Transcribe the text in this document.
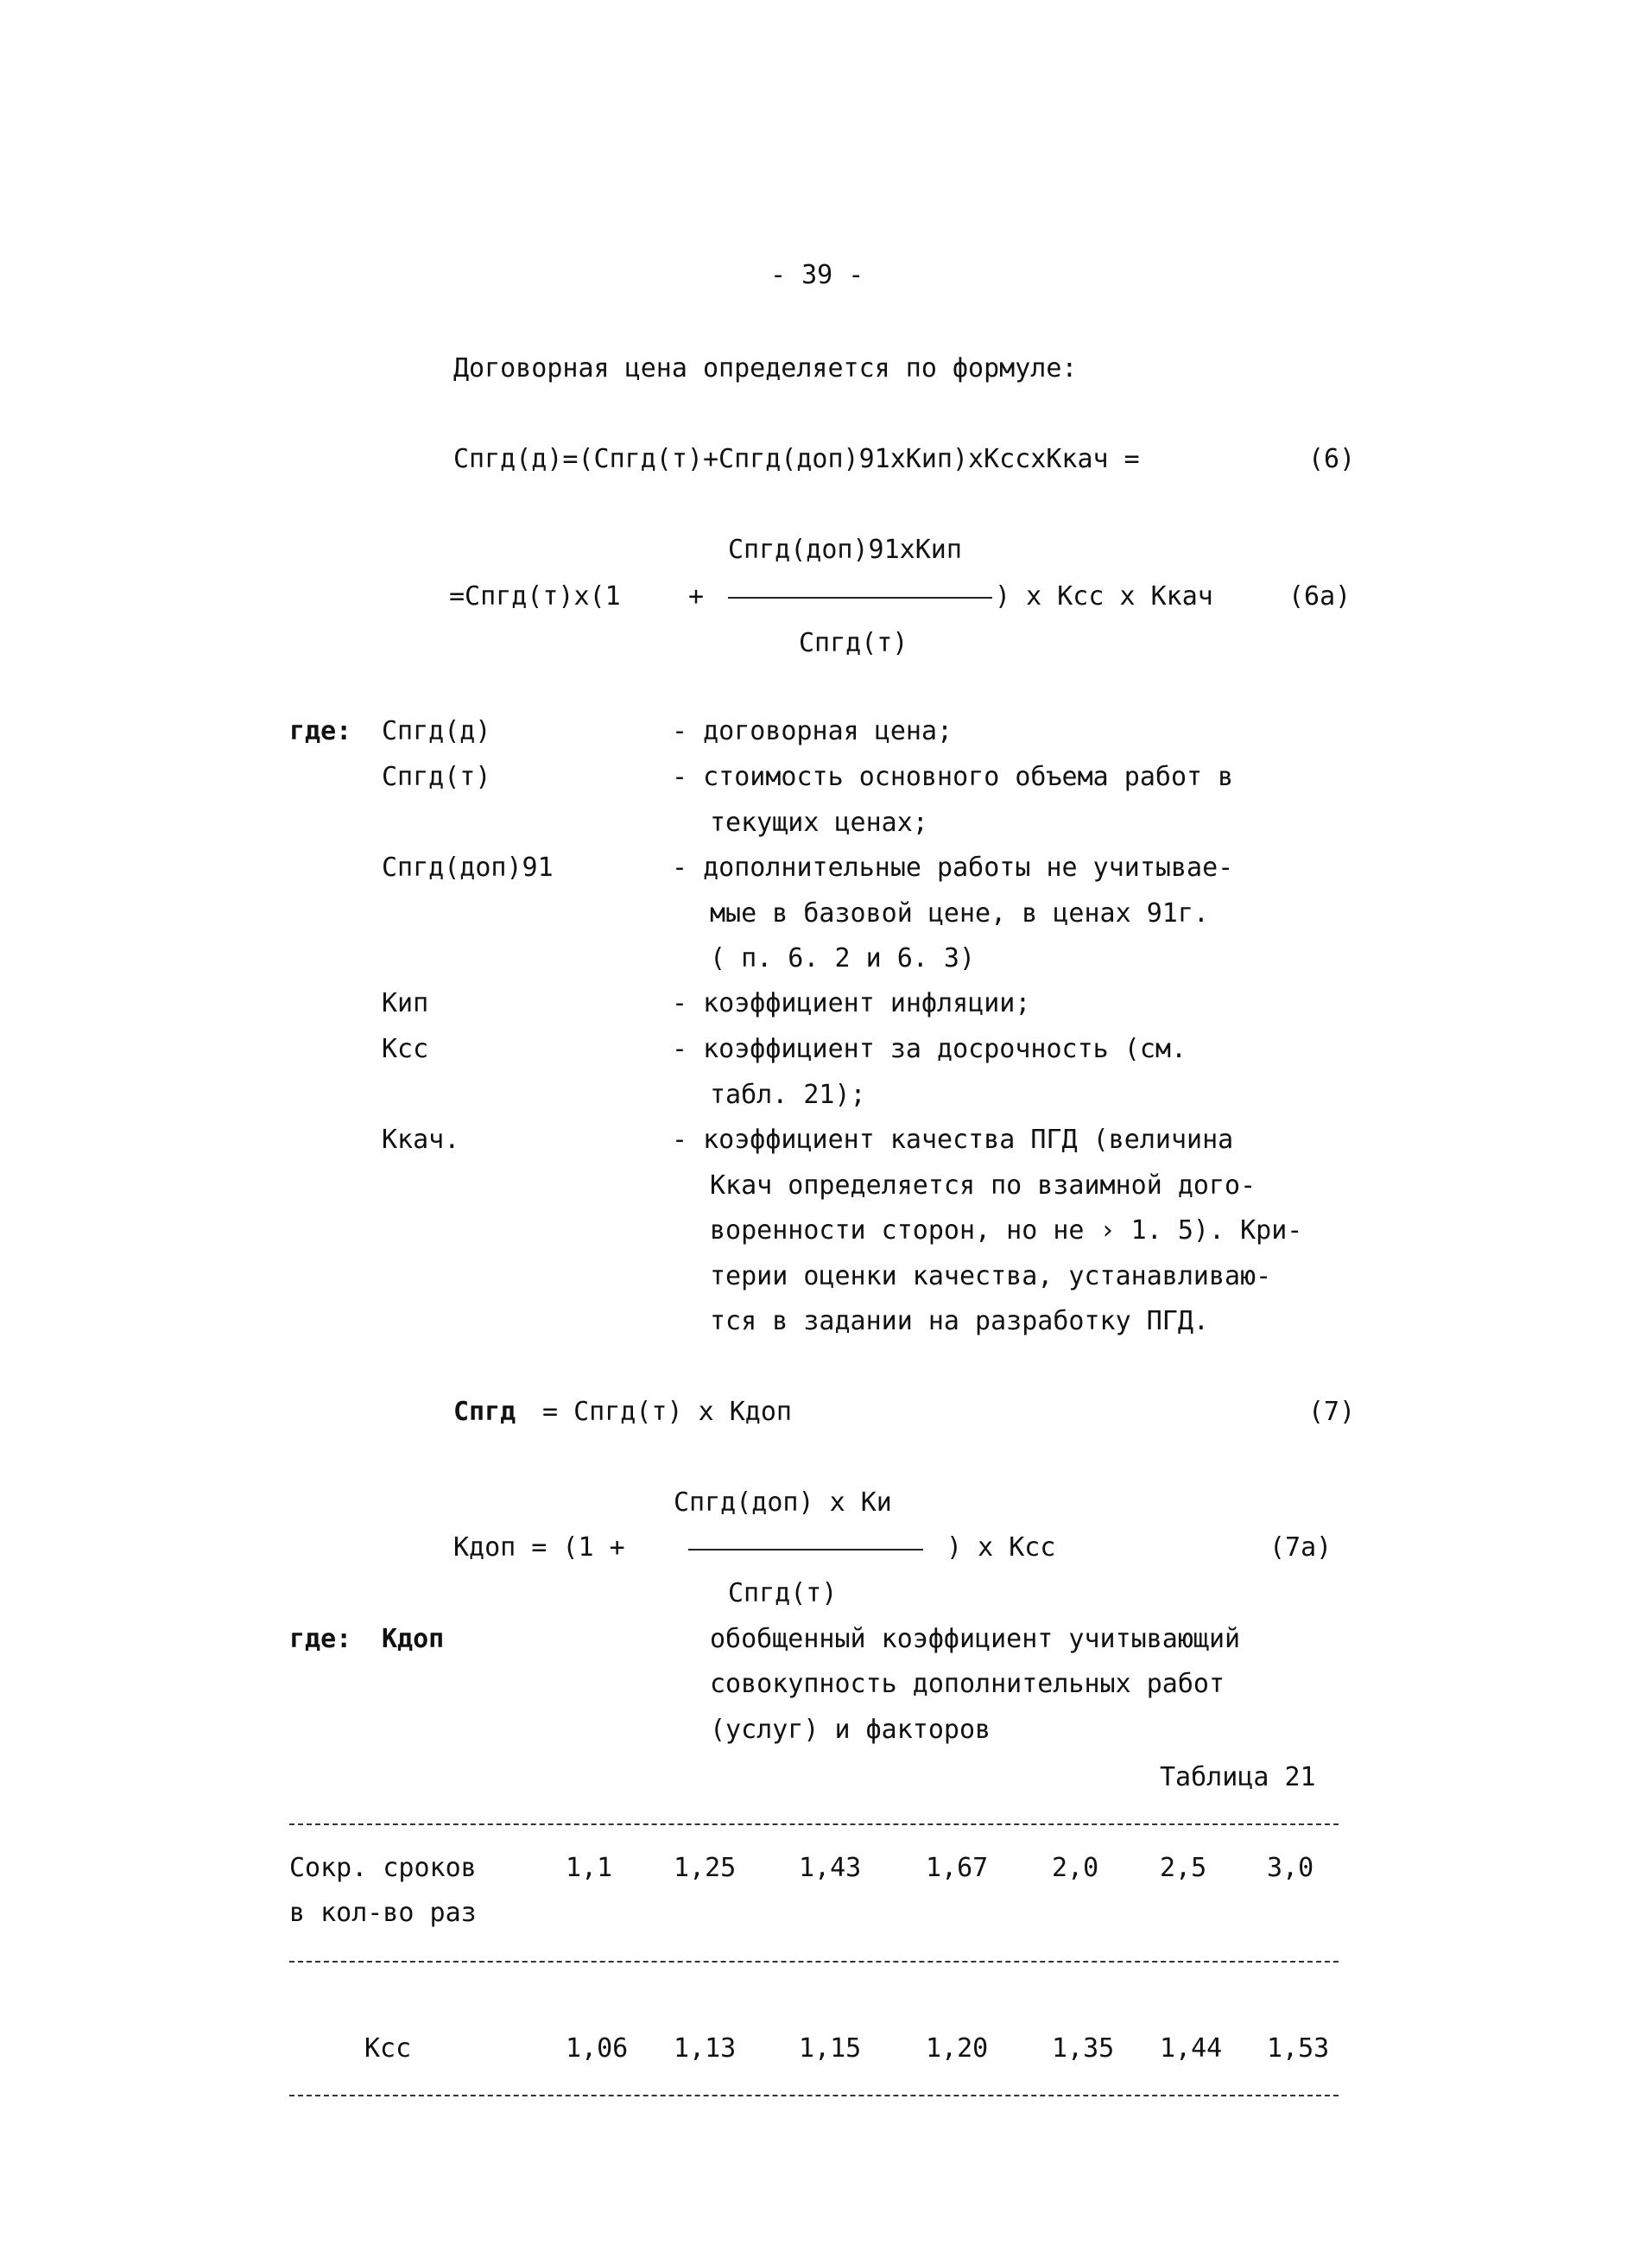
- 39 -
Договорная цена определяется по формуле:
Спгд(д)=(Спгд(т)+Спгд(доп)91хКип)хКссхКкач =	(6)
Спгд(доп)91хКип
=Спгд(т)х(1	+	) х Ксс х Ккач
Спгд(т)
(6а)
где: Спгд(д)	- договорная цена;
Спгд(т)	- стоимость основного объема работ в
текущих ценах;
Спгд(доп)91	- дополнительные работы не учитывае-
мые в базовой цене, в ценах 91г.
( п. 6. 2 и 6. 3)
Кип	- коэффициент инфляции;
Ксс	- коэффициент за досрочность (см.
табл. 21);
Ккач.	- коэффициент качества ПГД (величина
Ккач определяется по взаимной дого-
воренности сторон, но не › 1. 5). Кри-
терии оценки качества, устанавливаю-
тся в задании на разработку ПГД.
Спгд = Спгд(т) х Кдоп	(7)
Спгд(доп) х Ки
Кдоп = (1 +	) х Ксс
Спгд(т)
(7а)
где: Кдоп	обобщенный коэффициент учитывающий
совокупность дополнительных работ
(услуг) и факторов
Таблица 21
Сокр. сроков
в кол-во раз
1,1 1,25 1,43 1,67 2,0 2,5 3,0
Ксс	1,06 1,13 1,15 1,20 1,35 1,44 1,53
